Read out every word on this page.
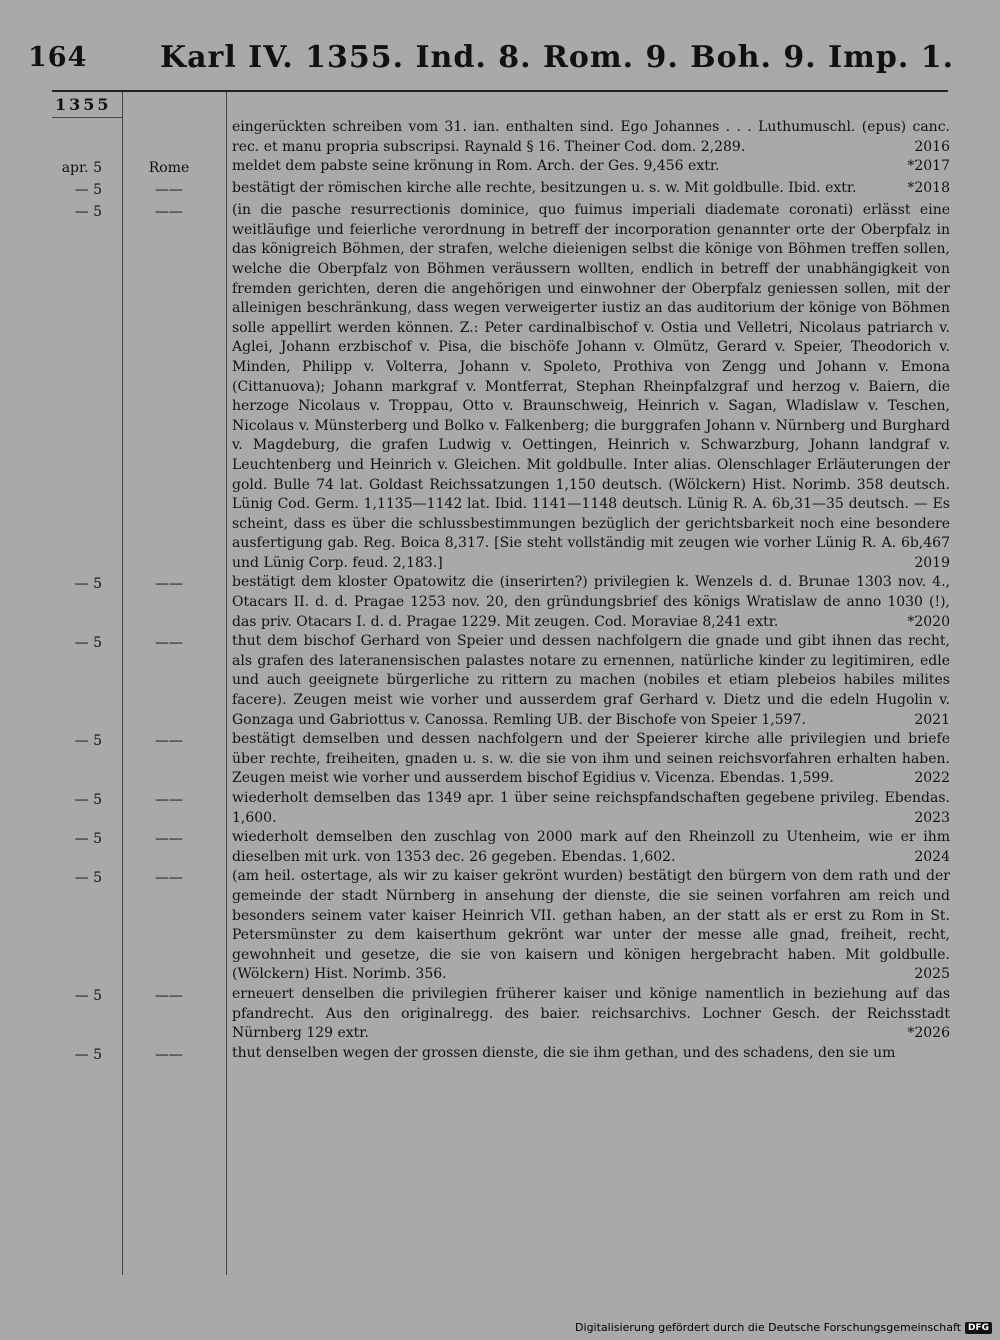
164 Karl IV. 1355. Ind. 8. Rom. 9. Boh. 9. Imp. 1.
1355
eingerückten schreiben vom 31. ian. enthalten sind. Ego Johannes . . . Luthumuschl. (epus) canc. rec. et manu propria subscripsi. Raynald § 16. Theiner Cod. dom. 2,289.	2016
apr. 5	Rome	meldet dem pabste seine krönung in Rom. Arch. der Ges. 9,456 extr.	*2017
— 5	——	bestätigt der römischen kirche alle rechte, besitzungen u. s. w. Mit goldbulle. Ibid. extr.	*2018
— 5	——	(in die pasche resurrectionis dominice, quo fuimus imperiali diademate coronati) erlässt eine weitläufige und feierliche verordnung in betreff der incorporation genannter orte der Oberpfalz in das königreich Böhmen, der strafen, welche dieienigen selbst die könige von Böhmen treffen sollen, welche die Oberpfalz von Böhmen veräussern wollten, endlich in betreff der unabhängigkeit von fremden gerichten, deren die angehörigen und einwohner der Oberpfalz geniessen sollen, mit der alleinigen beschränkung, dass wegen verweigerter iustiz an das auditorium der könige von Böhmen solle appellirt werden können. Z.: Peter cardinalbischof v. Ostia und Velletri, Nicolaus patriarch v. Aglei, Johann erzbischof v. Pisa, die bischöfe Johann v. Olmütz, Gerard v. Speier, Theodorich v. Minden, Philipp v. Volterra, Johann v. Spoleto, Prothiva von Zengg und Johann v. Emona (Cittanuova); Johann markgraf v. Montferrat, Stephan Rheinpfalzgraf und herzog v. Baiern, die herzoge Nicolaus v. Troppau, Otto v. Braunschweig, Heinrich v. Sagan, Wladislaw v. Teschen, Nicolaus v. Münsterberg und Bolko v. Falkenberg; die burggrafen Johann v. Nürnberg und Burghard v. Magdeburg, die grafen Ludwig v. Oettingen, Heinrich v. Schwarzburg, Johann landgraf v. Leuchtenberg und Heinrich v. Gleichen. Mit goldbulle. Inter alias. Olenschlager Erläuterungen der gold. Bulle 74 lat. Goldast Reichssatzungen 1,150 deutsch. (Wölckern) Hist. Norimb. 358 deutsch. Lünig Cod. Germ. 1,1135—1142 lat. Ibid. 1141—1148 deutsch. Lünig R. A. 6b,31—35 deutsch. — Es scheint, dass es über die schlussbestimmungen bezüglich der gerichtsbarkeit noch eine besondere ausfertigung gab. Reg. Boica 8,317. [Sie steht vollständig mit zeugen wie vorher Lünig R. A. 6b,467 und Lünig Corp. feud. 2,183.]	2019
— 5	——	bestätigt dem kloster Opatowitz die (inserirten?) privilegien k. Wenzels d. d. Brunae 1303 nov. 4., Otacars II. d. d. Pragae 1253 nov. 20, den gründungsbrief des königs Wratislaw de anno 1030 (!), das priv. Otacars I. d. d. Pragae 1229. Mit zeugen. Cod. Moraviae 8,241 extr.	*2020
— 5	——	thut dem bischof Gerhard von Speier und dessen nachfolgern die gnade und gibt ihnen das recht, als grafen des lateranensischen palastes notare zu ernennen, natürliche kinder zu legitimiren, edle und auch geeignete bürgerliche zu rittern zu machen (nobiles et etiam plebeios habiles milites facere). Zeugen meist wie vorher und ausserdem graf Gerhard v. Dietz und die edeln Hugolin v. Gonzaga und Gabriottus v. Canossa. Remling UB. der Bischofe von Speier 1,597.	2021
— 5	——	bestätigt demselben und dessen nachfolgern und der Speierer kirche alle privilegien und briefe über rechte, freiheiten, gnaden u. s. w. die sie von ihm und seinen reichsvorfahren erhalten haben. Zeugen meist wie vorher und ausserdem bischof Egidius v. Vicenza. Ebendas. 1,599.	2022
— 5	——	wiederholt demselben das 1349 apr. 1 über seine reichspfandschaften gegebene privileg. Ebendas. 1,600.	2023
— 5	——	wiederholt demselben den zuschlag von 2000 mark auf den Rheinzoll zu Utenheim, wie er ihm dieselben mit urk. von 1353 dec. 26 gegeben. Ebendas. 1,602.	2024
— 5	——	(am heil. ostertage, als wir zu kaiser gekrönt wurden) bestätigt den bürgern von dem rath und der gemeinde der stadt Nürnberg in ansehung der dienste, die sie seinen vorfahren am reich und besonders seinem vater kaiser Heinrich VII. gethan haben, an der statt als er erst zu Rom in St. Petersmünster zu dem kaiserthum gekrönt war unter der messe alle gnad, freiheit, recht, gewohnheit und gesetze, die sie von kaisern und königen hergebracht haben. Mit goldbulle. (Wölckern) Hist. Norimb. 356.	2025
— 5	——	erneuert denselben die privilegien früherer kaiser und könige namentlich in beziehung auf das pfandrecht. Aus den originalregg. des baier. reichsarchivs. Lochner Gesch. der Reichsstadt Nürnberg 129 extr.	*2026
— 5	——	thut denselben wegen der grossen dienste, die sie ihm gethan, und des schadens, den sie um
Digitalisierung gefördert durch die Deutsche Forschungsgemeinschaft DFG
